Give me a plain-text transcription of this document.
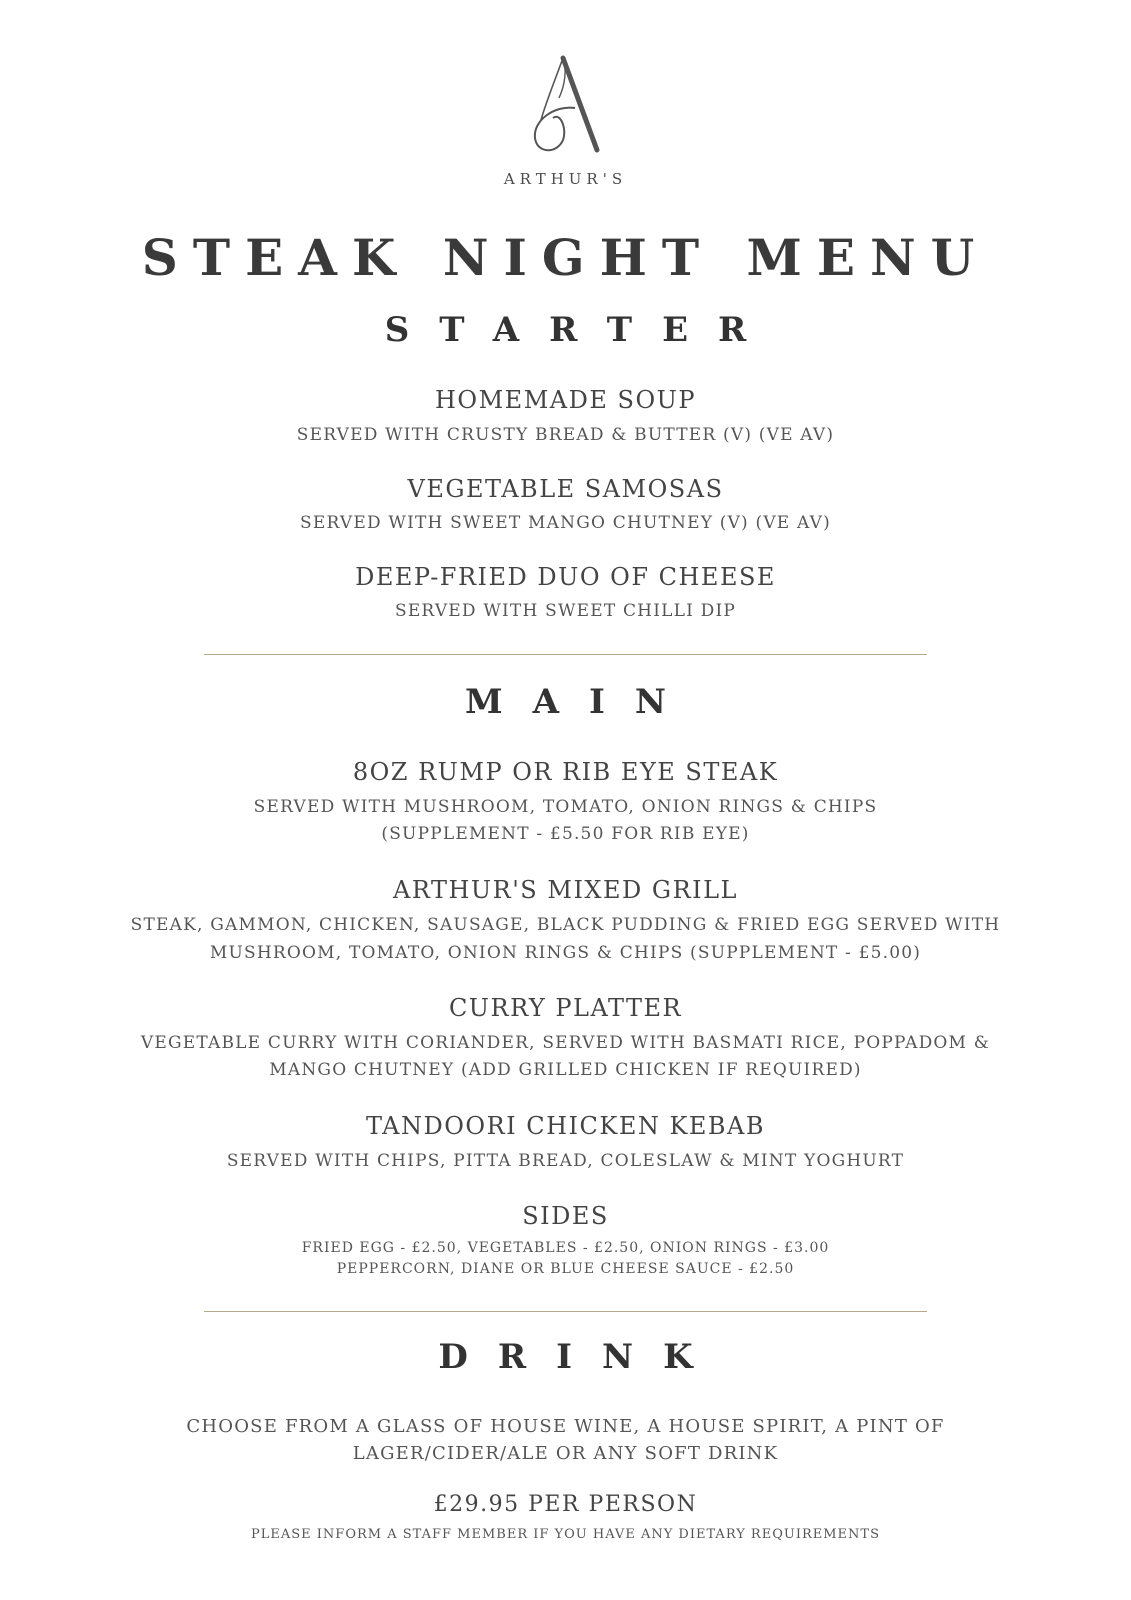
ARTHUR'S
STEAK NIGHT MENU
STARTER
HOMEMADE SOUP
SERVED WITH CRUSTY BREAD & BUTTER (V) (VE AV)
VEGETABLE SAMOSAS
SERVED WITH SWEET MANGO CHUTNEY (V) (VE AV)
DEEP-FRIED DUO OF CHEESE
SERVED WITH SWEET CHILLI DIP
MAIN
8OZ RUMP OR RIB EYE STEAK
SERVED WITH MUSHROOM, TOMATO, ONION RINGS & CHIPS
(SUPPLEMENT - £5.50 FOR RIB EYE)
ARTHUR'S MIXED GRILL
STEAK, GAMMON, CHICKEN, SAUSAGE, BLACK PUDDING & FRIED EGG SERVED WITH
MUSHROOM, TOMATO, ONION RINGS & CHIPS (SUPPLEMENT - £5.00)
CURRY PLATTER
VEGETABLE CURRY WITH CORIANDER, SERVED WITH BASMATI RICE, POPPADOM &
MANGO CHUTNEY (ADD GRILLED CHICKEN IF REQUIRED)
TANDOORI CHICKEN KEBAB
SERVED WITH CHIPS, PITTA BREAD, COLESLAW & MINT YOGHURT
SIDES
FRIED EGG - £2.50, VEGETABLES - £2.50, ONION RINGS - £3.00
PEPPERCORN, DIANE OR BLUE CHEESE SAUCE - £2.50
DRINK
CHOOSE FROM A GLASS OF HOUSE WINE, A HOUSE SPIRIT, A PINT OF
LAGER/CIDER/ALE OR ANY SOFT DRINK
£29.95 PER PERSON
PLEASE INFORM A STAFF MEMBER IF YOU HAVE ANY DIETARY REQUIREMENTS
